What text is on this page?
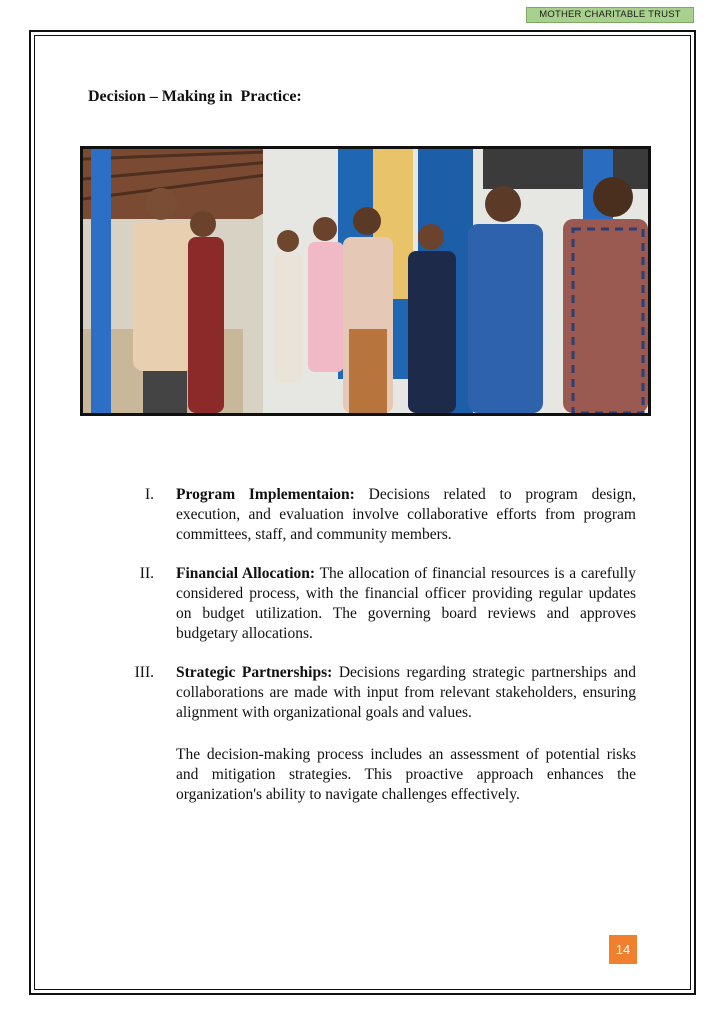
MOTHER CHARITABLE TRUST
Decision – Making in  Practice:
I. Program Implementaion: Decisions related to program design, execution, and evaluation involve collaborative efforts from program committees, staff, and community members.
II. Financial Allocation: The allocation of financial resources is a carefully considered process, with the financial officer providing regular updates on budget utilization. The governing board reviews and approves budgetary allocations.
III. Strategic Partnerships: Decisions regarding strategic partnerships and collaborations are made with input from relevant stakeholders, ensuring alignment with organizational goals and values.
The decision-making process includes an assessment of potential risks and mitigation strategies. This proactive approach enhances the organization's ability to navigate challenges effectively.
14
